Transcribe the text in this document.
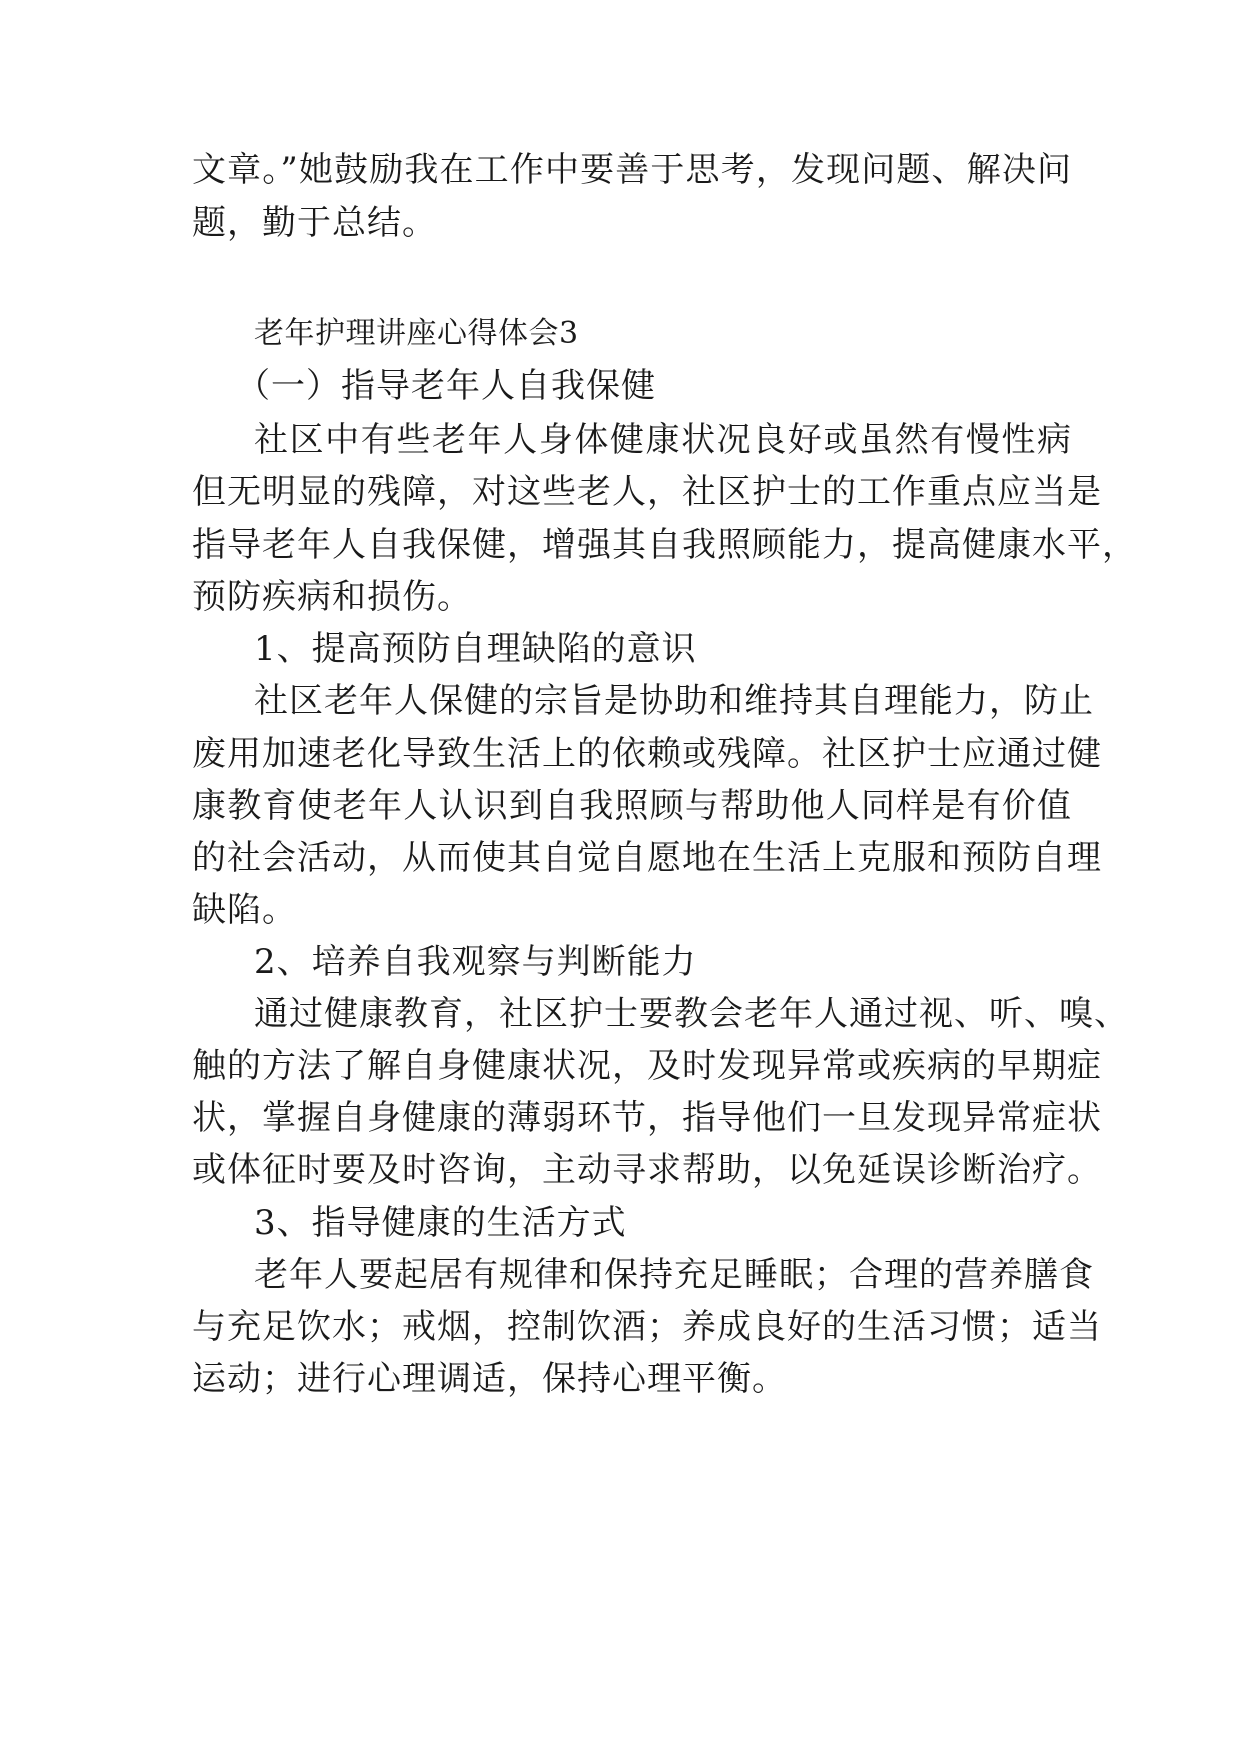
文章。”她鼓励我在工作中要善于思考，发现问题、解决问
题，勤于总结。
老年护理讲座心得体会3
（一）指导老年人自我保健
社区中有些老年人身体健康状况良好或虽然有慢性病
但无明显的残障，对这些老人，社区护士的工作重点应当是
指导老年人自我保健，增强其自我照顾能力，提高健康水平，
预防疾病和损伤。
1、提高预防自理缺陷的意识
社区老年人保健的宗旨是协助和维持其自理能力，防止
废用加速老化导致生活上的依赖或残障。社区护士应通过健
康教育使老年人认识到自我照顾与帮助他人同样是有价值
的社会活动，从而使其自觉自愿地在生活上克服和预防自理
缺陷。
2、培养自我观察与判断能力
通过健康教育，社区护士要教会老年人通过视、听、嗅、
触的方法了解自身健康状况，及时发现异常或疾病的早期症
状，掌握自身健康的薄弱环节，指导他们一旦发现异常症状
或体征时要及时咨询，主动寻求帮助，以免延误诊断治疗。
3、指导健康的生活方式
老年人要起居有规律和保持充足睡眠；合理的营养膳食
与充足饮水；戒烟，控制饮酒；养成良好的生活习惯；适当
运动；进行心理调适，保持心理平衡。
